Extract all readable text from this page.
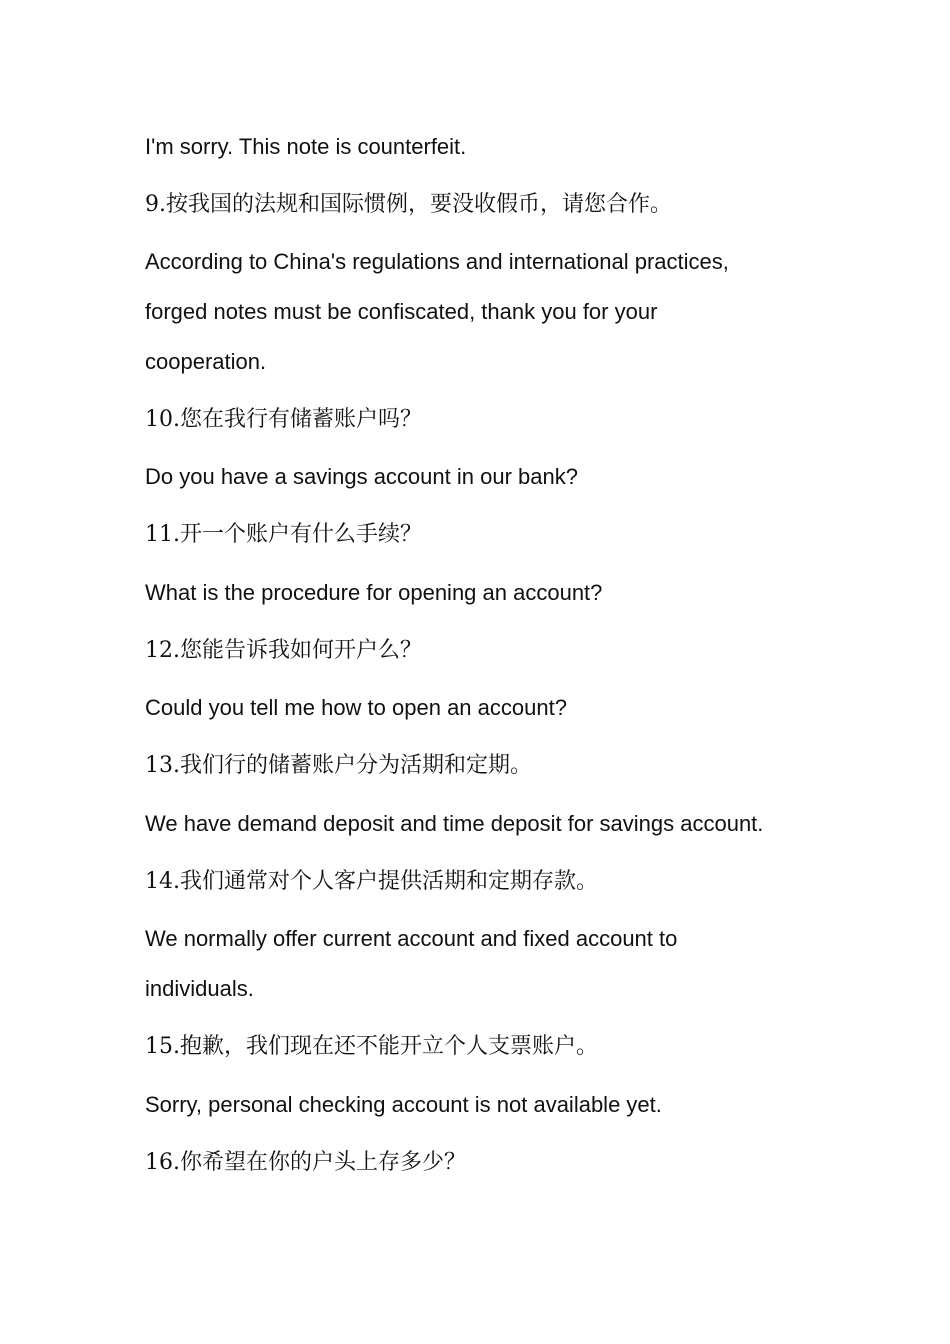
I'm sorry. This note is counterfeit.
9.按我国的法规和国际惯例，要没收假币，请您合作。
According to China's regulations and international practices,
forged notes must be confiscated, thank you for your
cooperation.
10.您在我行有储蓄账户吗？
Do you have a savings account in our bank?
11.开一个账户有什么手续？
What is the procedure for opening an account?
12.您能告诉我如何开户么？
Could you tell me how to open an account?
13.我们行的储蓄账户分为活期和定期。
We have demand deposit and time deposit for savings account.
14.我们通常对个人客户提供活期和定期存款。
We normally offer current account and fixed account to
individuals.
15.抱歉，我们现在还不能开立个人支票账户。
Sorry, personal checking account is not available yet.
16.你希望在你的户头上存多少？
